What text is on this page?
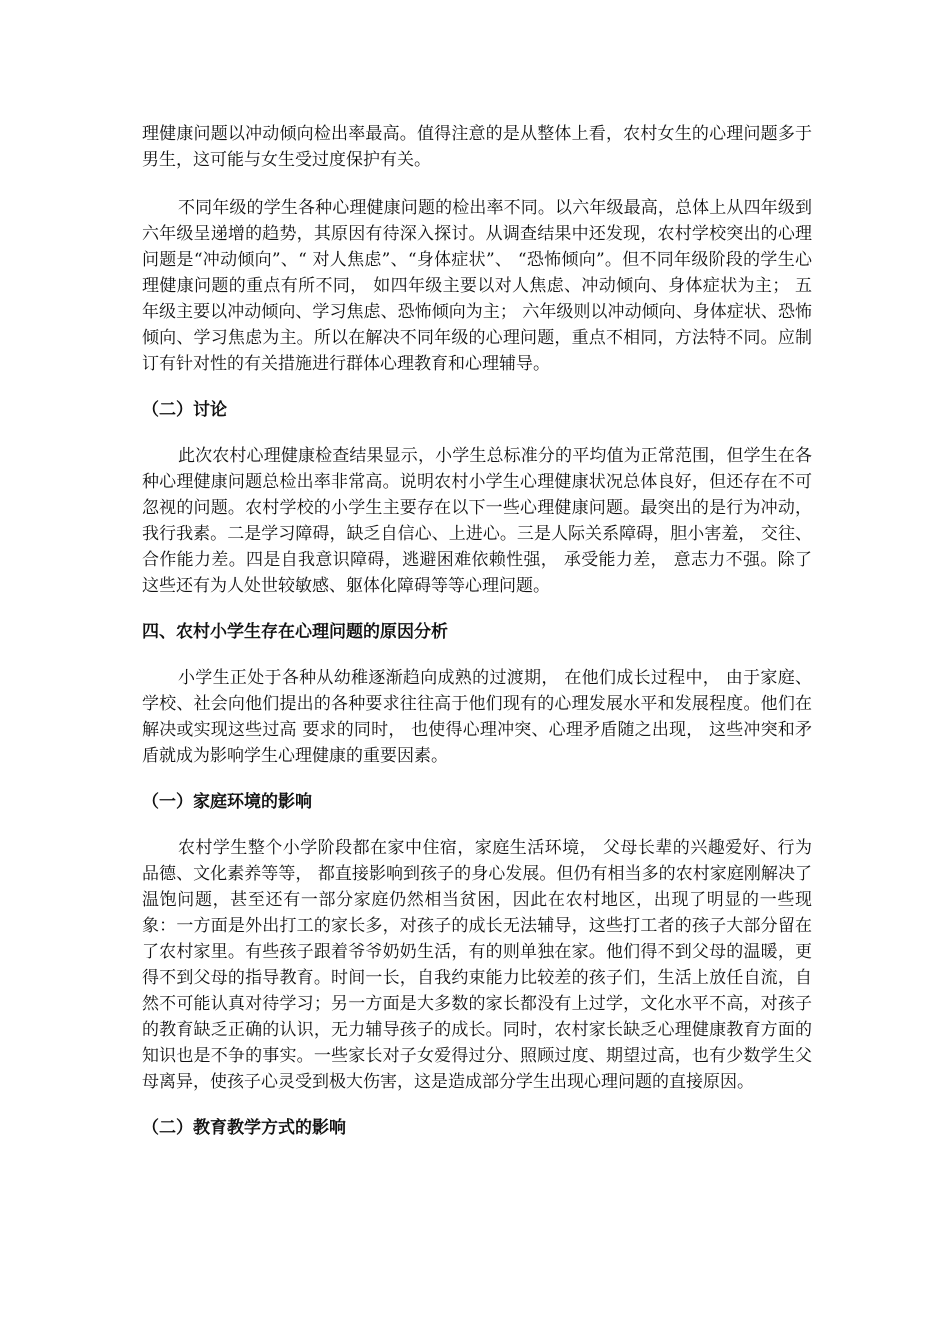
理健康问题以冲动倾向检出率最高。值得注意的是从整体上看，农村女生的心理问题多于男生，这可能与女生受过度保护有关。

不同年级的学生各种心理健康问题的检出率不同。以六年级最高，总体上从四年级到六年级呈递增的趋势，其原因有待深入探讨。从调查结果中还发现，农村学校突出的心理问题是“冲动倾向”、“ 对人焦虑”、“身体症状”、 “恐怖倾向”。但不同年级阶段的学生心理健康问题的重点有所不同， 如四年级主要以对人焦虑、冲动倾向、身体症状为主； 五年级主要以冲动倾向、学习焦虑、恐怖倾向为主； 六年级则以冲动倾向、身体症状、恐怖倾向、学习焦虑为主。所以在解决不同年级的心理问题，重点不相同，方法特不同。应制订有针对性的有关措施进行群体心理教育和心理辅导。

（二）讨论

此次农村心理健康检查结果显示，小学生总标准分的平均值为正常范围，但学生在各种心理健康问题总检出率非常高。说明农村小学生心理健康状况总体良好，但还存在不可忽视的问题。农村学校的小学生主要存在以下一些心理健康问题。最突出的是行为冲动， 我行我素。二是学习障碍，缺乏自信心、上进心。三是人际关系障碍，胆小害羞， 交往、合作能力差。四是自我意识障碍，逃避困难依赖性强， 承受能力差， 意志力不强。除了这些还有为人处世较敏感、躯体化障碍等等心理问题。

四、农村小学生存在心理问题的原因分析

小学生正处于各种从幼稚逐渐趋向成熟的过渡期， 在他们成长过程中， 由于家庭、学校、社会向他们提出的各种要求往往高于他们现有的心理发展水平和发展程度。他们在解决或实现这些过高 要求的同时， 也使得心理冲突、心理矛盾随之出现， 这些冲突和矛盾就成为影响学生心理健康的重要因素。

（一）家庭环境的影响

农村学生整个小学阶段都在家中住宿，家庭生活环境， 父母长辈的兴趣爱好、行为品德、文化素养等等， 都直接影响到孩子的身心发展。但仍有相当多的农村家庭刚解决了温饱问题，甚至还有一部分家庭仍然相当贫困，因此在农村地区，出现了明显的一些现象：一方面是外出打工的家长多，对孩子的成长无法辅导，这些打工者的孩子大部分留在了农村家里。有些孩子跟着爷爷奶奶生活，有的则单独在家。他们得不到父母的温暖，更得不到父母的指导教育。时间一长，自我约束能力比较差的孩子们，生活上放任自流，自然不可能认真对待学习；另一方面是大多数的家长都没有上过学，文化水平不高，对孩子的教育缺乏正确的认识，无力辅导孩子的成长。同时，农村家长缺乏心理健康教育方面的知识也是不争的事实。一些家长对子女爱得过分、照顾过度、期望过高，也有少数学生父母离异，使孩子心灵受到极大伤害，这是造成部分学生出现心理问题的直接原因。

（二）教育教学方式的影响
